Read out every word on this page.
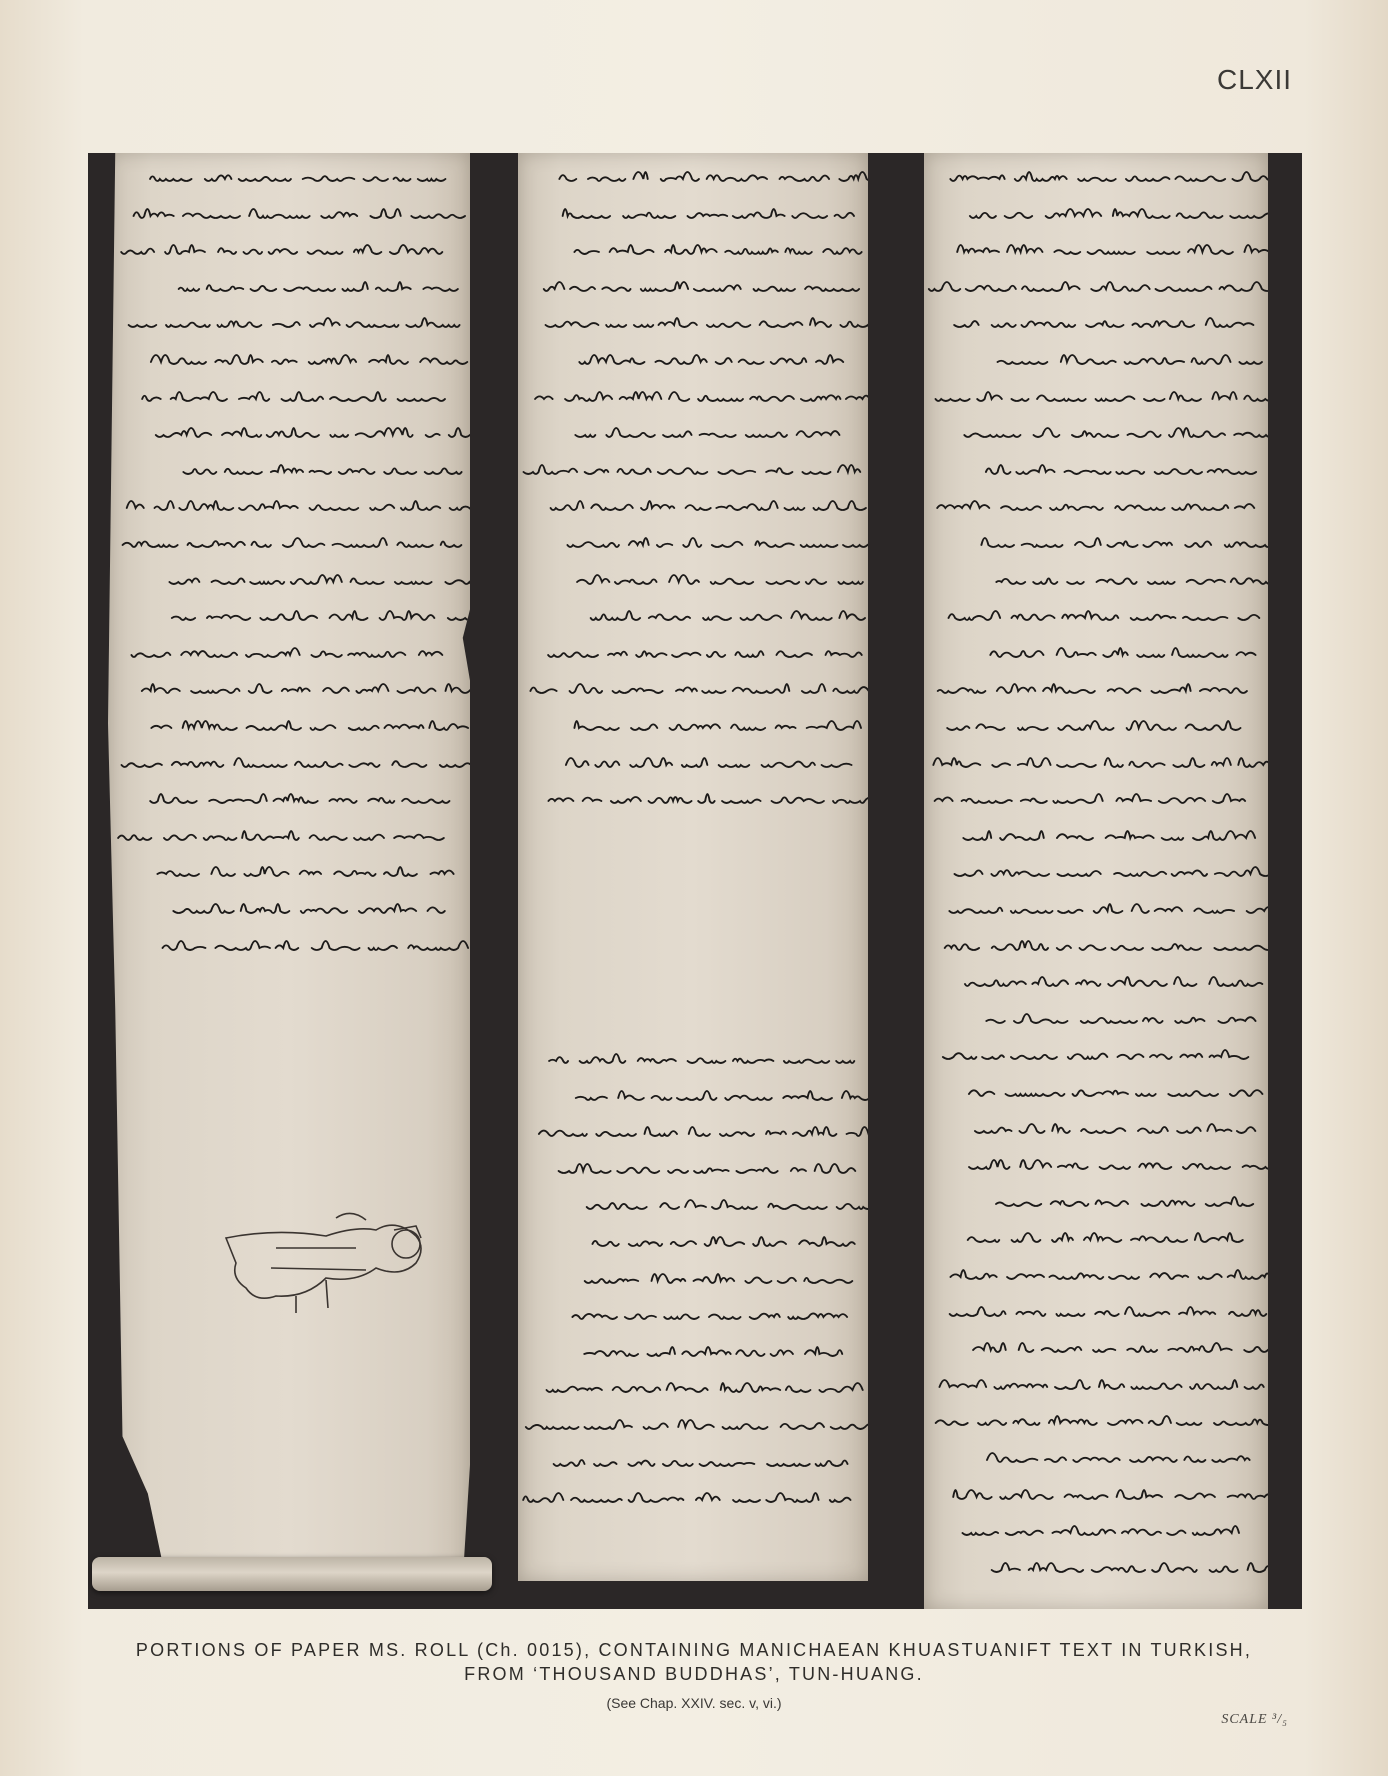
CLXII
PORTIONS OF PAPER MS. ROLL (Ch. 0015), CONTAINING MANICHAEAN KHUASTUANIFT TEXT IN TURKISH,
FROM ‘THOUSAND BUDDHAS’, TUN-HUANG.
(See Chap. XXIV. sec. v, vi.)
SCALE ³/₅
